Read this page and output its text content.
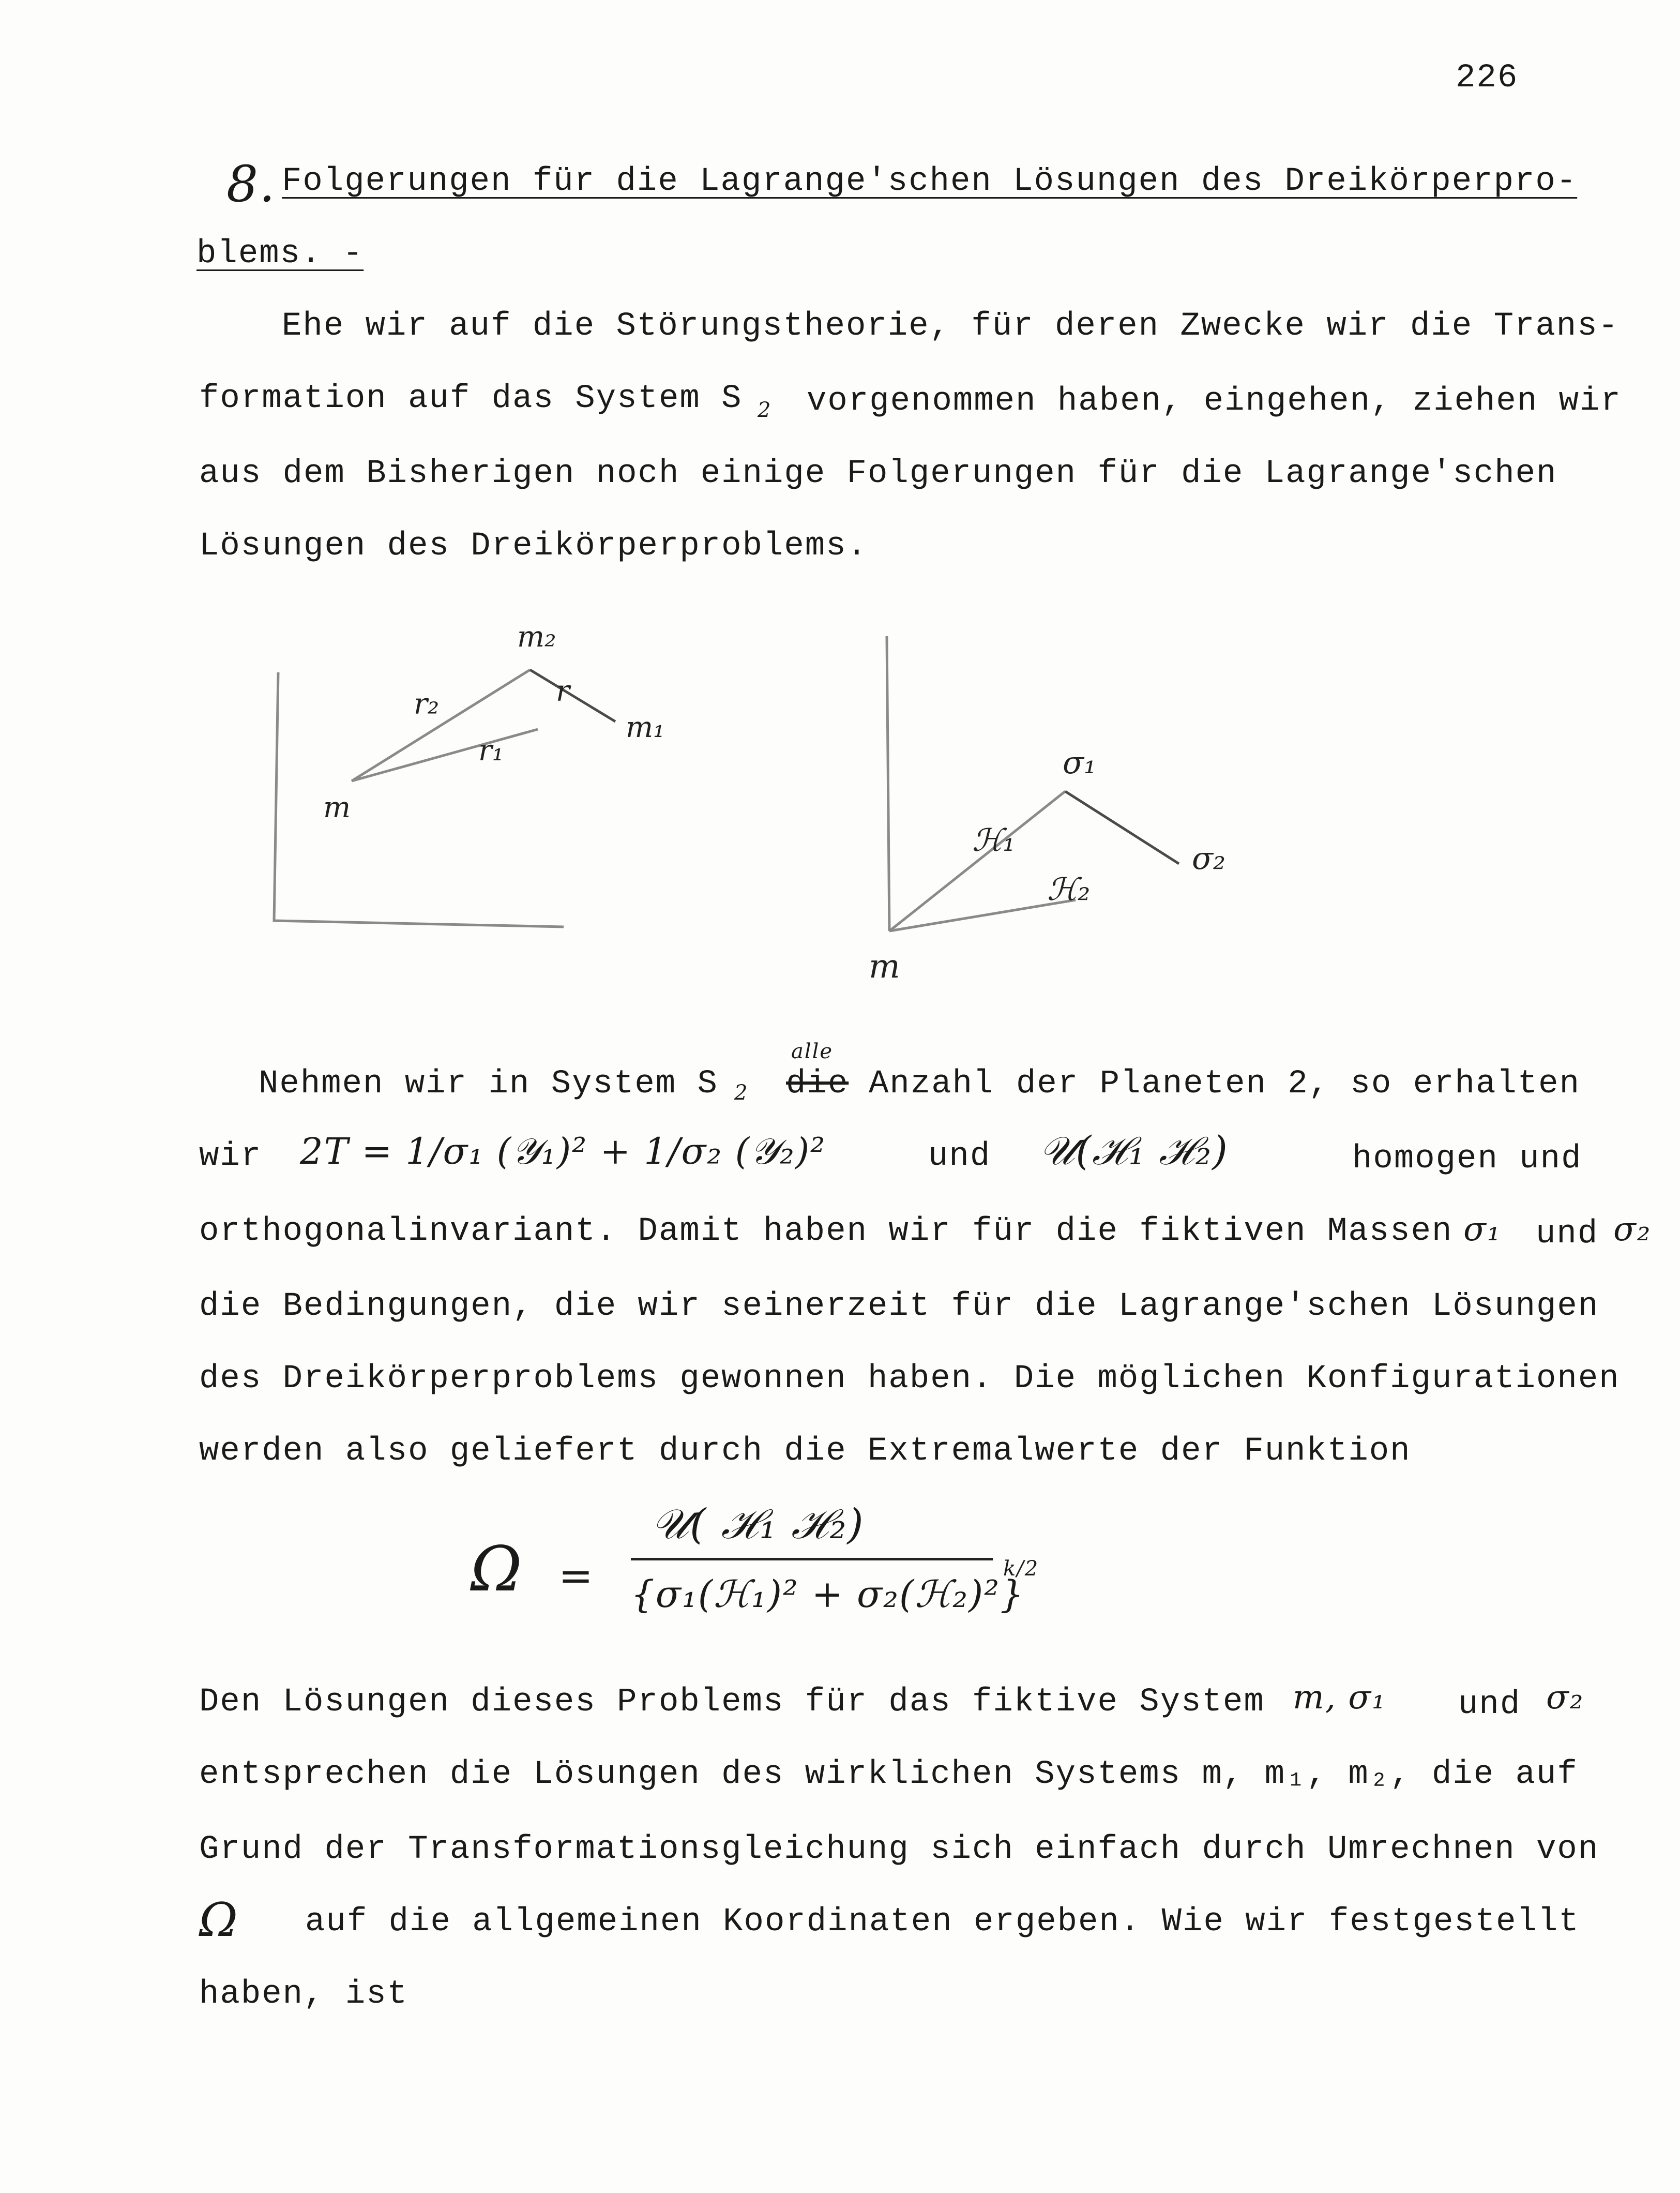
226
8. Folgerungen für die Lagrange'schen Lösungen des Dreikörperpro-
blems. -
Ehe wir auf die Störungstheorie, für deren Zwecke wir die Trans-
formation auf das System S 2 vorgenommen haben, eingehen, ziehen wir
aus dem Bisherigen noch einige Folgerungen für die Lagrange'schen
Lösungen des Dreikörperproblems.
m₂
r₂	r
r₁
m₁
m
σ₁
ℋ₁
ℋ₂
σ₂
m
Nehmen wir in System S 2 die
alle
Anzahl der Planeten 2, so erhalten
wir 2T = 1/σ₁ (𝒴₁)² + 1/σ₂ (𝒴₂)²	und 𝒰(ℋ₁ ℋ₂)	homogen und
orthogonalinvariant. Damit haben wir für die fiktiven Massen σ₁ und σ₂
die Bedingungen, die wir seinerzeit für die Lagrange'schen Lösungen
des Dreikörperproblems gewonnen haben. Die möglichen Konfigurationen
werden also geliefert durch die Extremalwerte der Funktion
Ω =
𝒰( ℋ₁ ℋ₂)
{σ₁(ℋ₁)² + σ₂(ℋ₂)²}
k/2
Den Lösungen dieses Problems für das fiktive System m, σ₁ und σ₂
entsprechen die Lösungen des wirklichen Systems m, m₁, m₂, die auf
Grund der Transformationsgleichung sich einfach durch Umrechnen von
Ω auf die allgemeinen Koordinaten ergeben. Wie wir festgestellt
haben, ist
